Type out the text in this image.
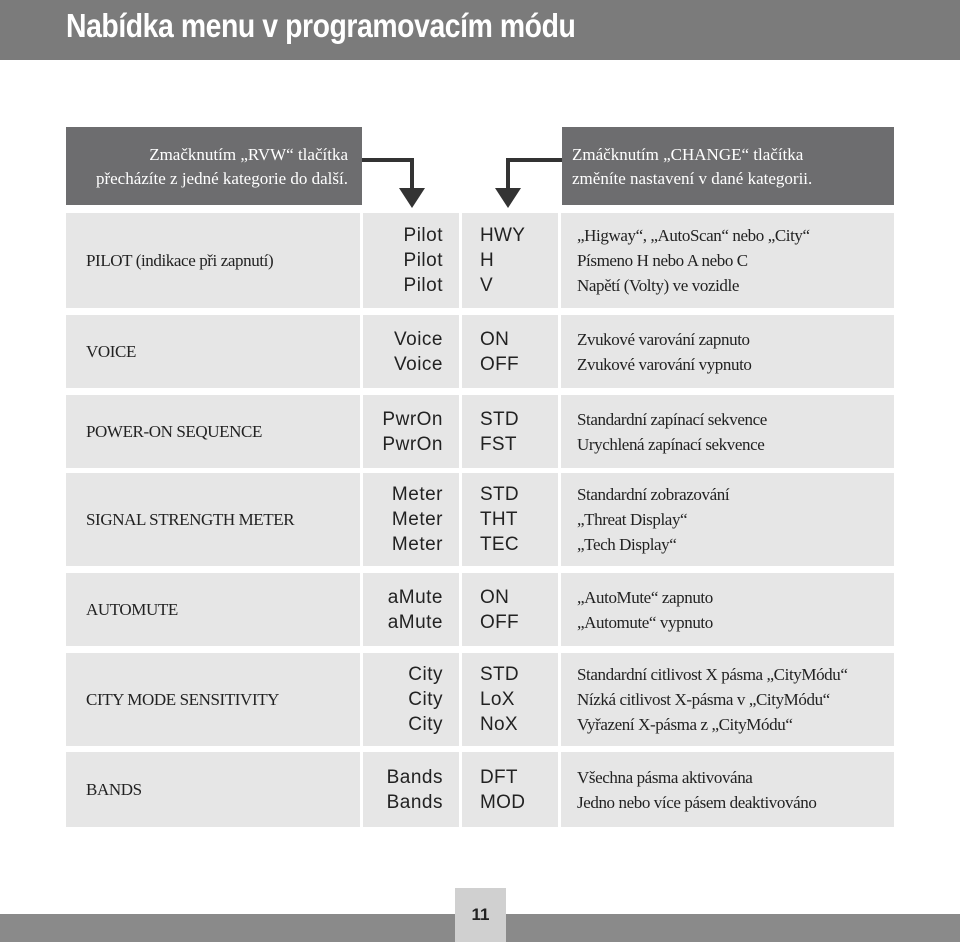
Nabídka menu v programovacím módu
Zmačknutím „RVW“ tlačítka
přecházíte z jedné kategorie do další.
Zmáčknutím „CHANGE“ tlačítka
změníte nastavení v dané kategorii.
PILOT (indikace při zapnutí)
Pilot
Pilot
Pilot
HWY
H
V
„Higway“, „AutoScan“ nebo „City“
Písmeno H nebo A nebo C
Napětí (Volty) ve vozidle
VOICE
Voice
Voice
ON
OFF
Zvukové varování zapnuto
Zvukové varování vypnuto
POWER-ON SEQUENCE
PwrOn
PwrOn
STD
FST
Standardní zapínací sekvence
Urychlená zapínací sekvence
SIGNAL STRENGTH METER
Meter
Meter
Meter
STD
THT
TEC
Standardní zobrazování
„Threat Display“
„Tech Display“
AUTOMUTE
aMute
aMute
ON
OFF
„AutoMute“ zapnuto
„Automute“ vypnuto
CITY MODE SENSITIVITY
City
City
City
STD
LoX
NoX
Standardní citlivost X pásma „CityMódu“
Nízká citlivost X-pásma v „CityMódu“
Vyřazení X-pásma z „CityMódu“
BANDS
Bands
Bands
DFT
MOD
Všechna pásma aktivována
Jedno nebo více pásem deaktivováno
11
